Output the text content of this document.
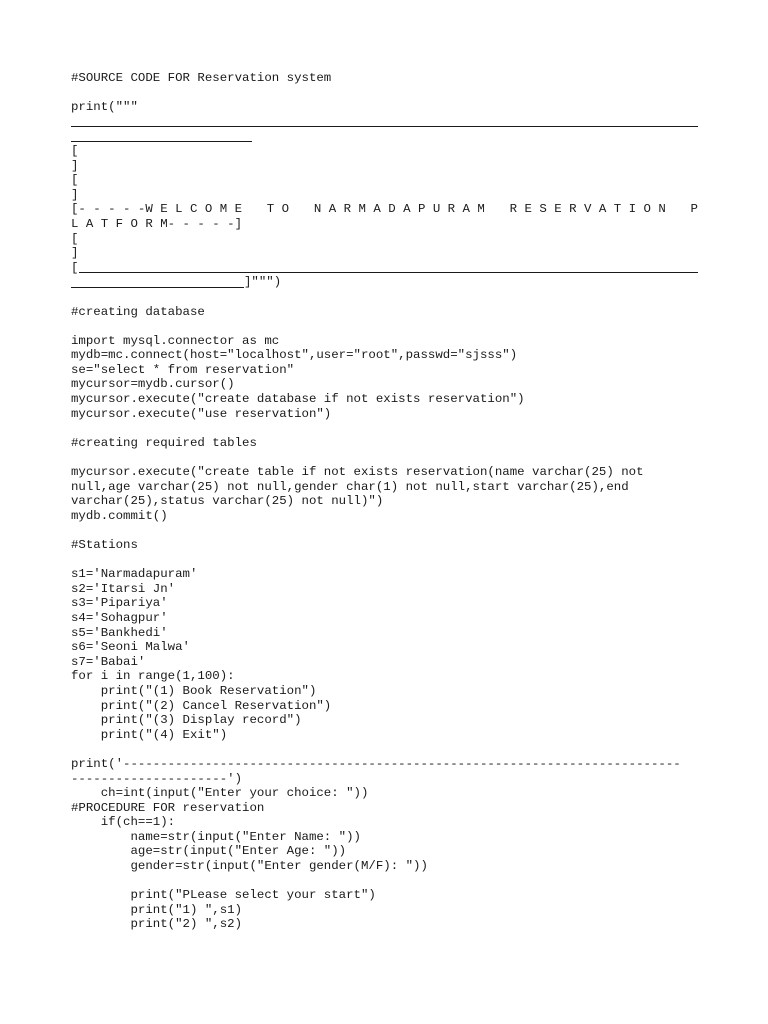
#SOURCE CODE FOR Reservation system
print("""
[
]
[
]
[- - - - -W E L C O M E T O N A R M A D A P U R A M R E S E R V A T I O N P
L A T F O R M- - - - -]
[
]
[

]""")

#creating database
import mysql.connector as mc
mydb=mc.connect(host="localhost",user="root",passwd="sjsss")
se="select * from reservation"
mycursor=mydb.cursor()
mycursor.execute("create database if not exists reservation")
mycursor.execute("use reservation")
#creating required tables
mycursor.execute("create table if not exists reservation(name varchar(25) not
null,age varchar(25) not null,gender char(1) not null,start varchar(25),end
varchar(25),status varchar(25) not null)")
mydb.commit()
#Stations
s1='Narmadapuram'
s2='Itarsi Jn'
s3='Pipariya'
s4='Sohagpur'
s5='Bankhedi'
s6='Seoni Malwa'
s7='Babai'
for i in range(1,100):
print("(1) Book Reservation")
print("(2) Cancel Reservation")
print("(3) Display record")
print("(4) Exit")
print('---------------------------------------------------------------------------
---------------------')
ch=int(input("Enter your choice: "))
#PROCEDURE FOR reservation
if(ch==1):
name=str(input("Enter Name: "))
age=str(input("Enter Age: "))
gender=str(input("Enter gender(M/F): "))
print("PLease select your start")
print("1) ",s1)
print("2) ",s2)
